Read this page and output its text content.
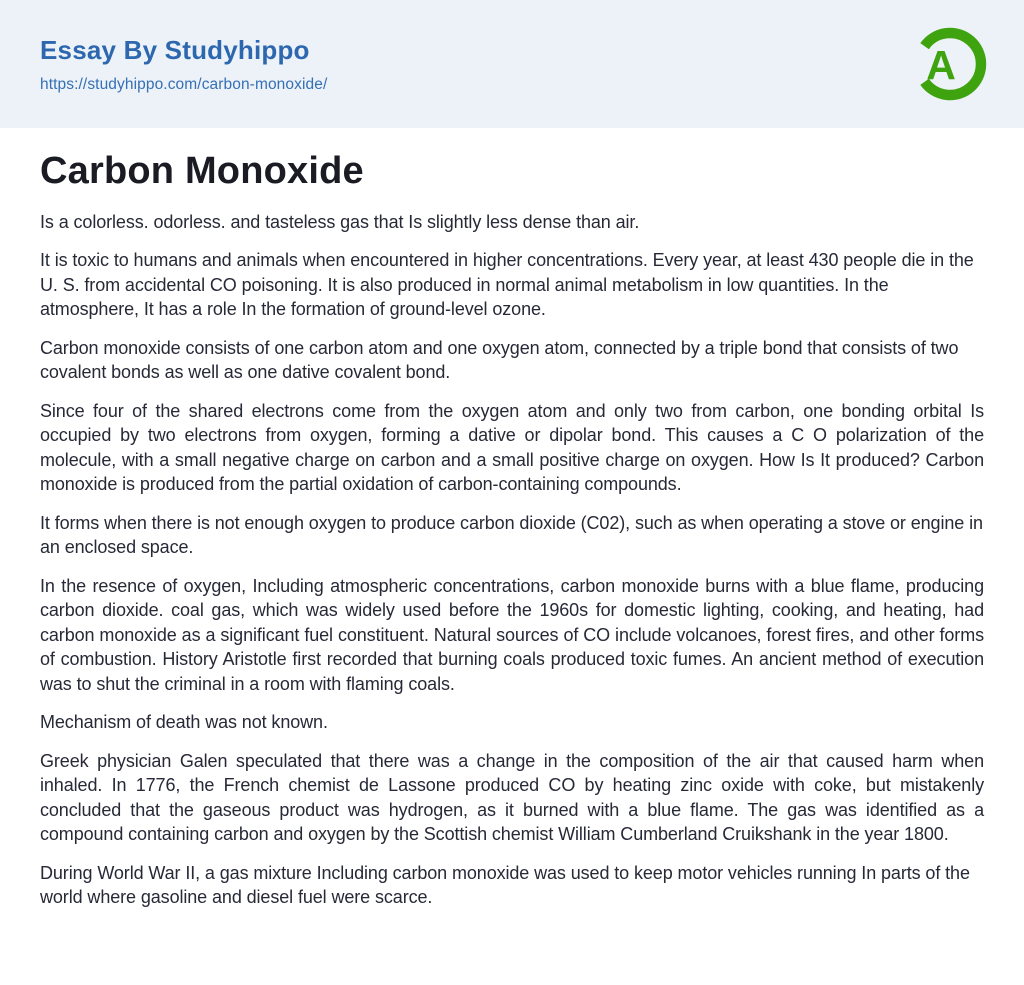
Essay By Studyhippo
https://studyhippo.com/carbon-monoxide/	A
Carbon Monoxide

Is a colorless. odorless. and tasteless gas that Is slightly less dense than air.

It is toxic to humans and animals when encountered in higher concentrations. Every year, at least 430 people die in the U. S. from accidental CO poisoning. It is also produced in normal animal metabolism in low quantities. In the atmosphere, It has a role In the formation of ground-level ozone.

Carbon monoxide consists of one carbon atom and one oxygen atom, connected by a triple bond that consists of two covalent bonds as well as one dative covalent bond.

Since four of the shared electrons come from the oxygen atom and only two from carbon, one bonding orbital Is occupied by two electrons from oxygen, forming a dative or dipolar bond. This causes a C O polarization of the molecule, with a small negative charge on carbon and a small positive charge on oxygen. How Is It produced? Carbon monoxide is produced from the partial oxidation of carbon-containing compounds.

It forms when there is not enough oxygen to produce carbon dioxide (C02), such as when operating a stove or engine in an enclosed space.

In the resence of oxygen, Including atmospheric concentrations, carbon monoxide burns with a blue flame, producing carbon dioxide. coal gas, which was widely used before the 1960s for domestic lighting, cooking, and heating, had carbon monoxide as a significant fuel constituent. Natural sources of CO include volcanoes, forest fires, and other forms of combustion. History Aristotle first recorded that burning coals produced toxic fumes. An ancient method of execution was to shut the criminal in a room with flaming coals.

Mechanism of death was not known.

Greek physician Galen speculated that there was a change in the composition of the air that caused harm when inhaled. In 1776, the French chemist de Lassone produced CO by heating zinc oxide with coke, but mistakenly concluded that the gaseous product was hydrogen, as it burned with a blue flame. The gas was identified as a compound containing carbon and oxygen by the Scottish chemist William Cumberland Cruikshank in the year 1800.

During World War II, a gas mixture Including carbon monoxide was used to keep motor vehicles running In parts of the world where gasoline and diesel fuel were scarce.
